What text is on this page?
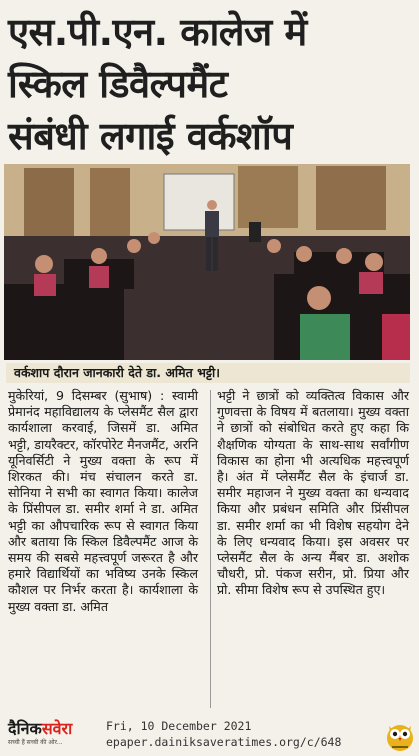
एस.पी.एन. कालेज में
स्किल डिवैल्पमैंट
संबंधी लगाई वर्कशॉप
वर्कशाप दौरान जानकारी देते डा. अमित भट्टी।

मुकेरियां, 9 दिसम्बर (सुभाष) : स्वामी प्रेमानंद महाविद्यालय के प्लेसमैंट सैल द्वारा कार्यशाला करवाई, जिसमें डा. अमित भट्टी, डायरैक्टर, कॉरपोरेट मैनजमैंट, अरनि यूनिवर्सिटी ने मुख्य वक्ता के रूप में शिरकत की। मंच संचालन करते डा. सोनिया ने सभी का स्वागत किया। कालेज के प्रिंसीपल डा. समीर शर्मा ने डा. अमित भट्टी का औपचारिक रूप से स्वागत किया और बताया कि स्किल डिवैल्पमैंट आज के समय की सबसे महत्त्वपूर्ण जरूरत है और हमारे विद्यार्थियों का भविष्य उनके स्किल कौशल पर निर्भर करता है। कार्यशाला के मुख्य वक्ता डा. अमित

भट्टी ने छात्रों को व्यक्तित्व विकास और गुणवत्ता के विषय में बतलाया। मुख्य वक्ता ने छात्रों को संबोधित करते हुए कहा कि शैक्षणिक योग्यता के साथ-साथ सर्वांगीण विकास का होना भी अत्यधिक महत्त्वपूर्ण है। अंत में प्लेसमैंट सैल के इंचार्ज डा. समीर महाजन ने मुख्य वक्ता का धन्यवाद किया और प्रबंधन समिति और प्रिंसीपल डा. समीर शर्मा का भी विशेष सहयोग देने के लिए धन्यवाद किया। इस अवसर पर प्लेसमैंट सैल के अन्य मैंबर डा. अशोक चौधरी, प्रो. पंकज सरीन, प्रो. प्रिया और प्रो. सीमा विशेष रूप से उपस्थित हुए।

दैनिकसवेरा
सच्ची हैं सच्ची की ओर...
Fri, 10 December 2021
epaper.dainiksaveratimes.org/c/648
